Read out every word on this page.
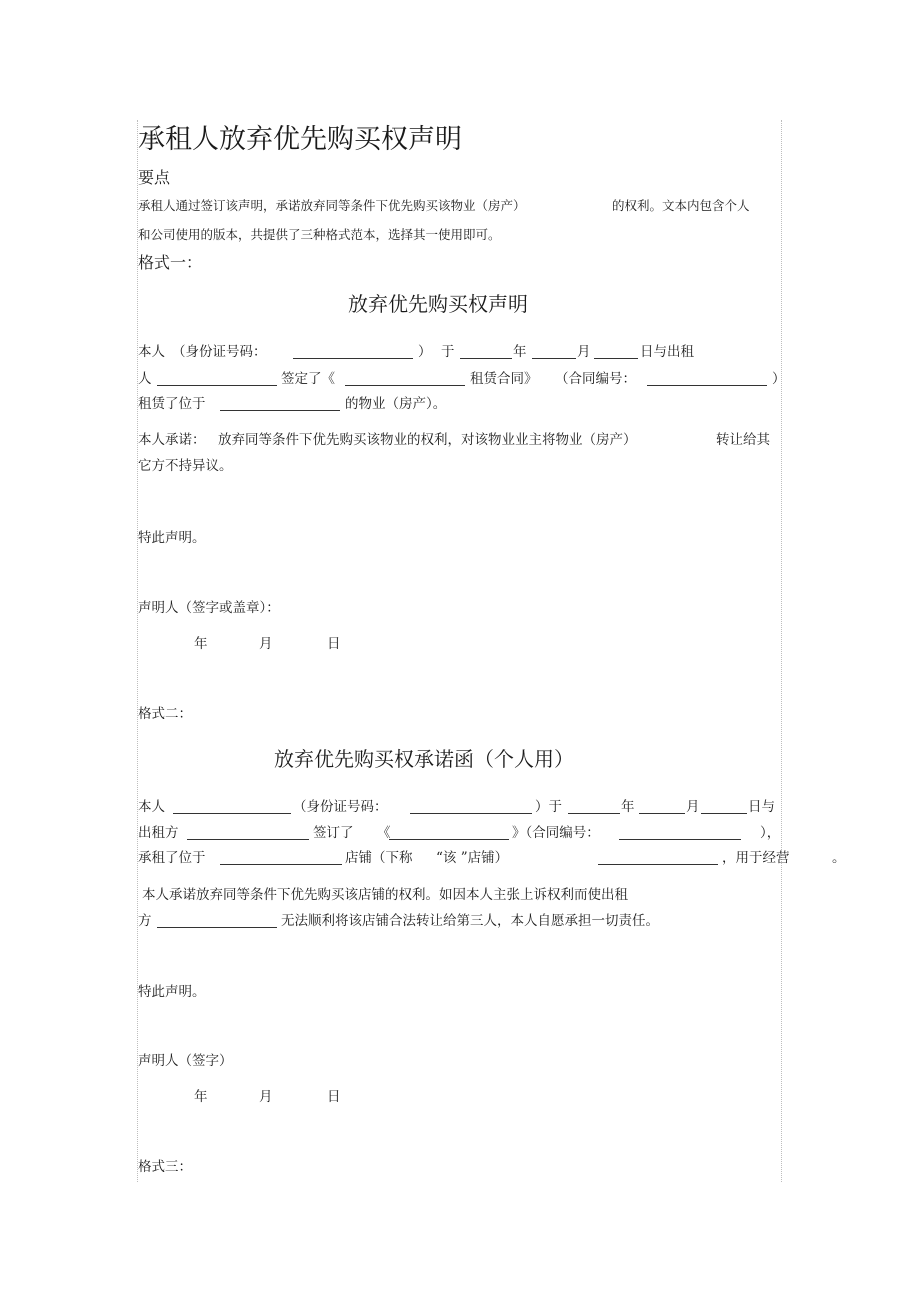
承租人放弃优先购买权声明
要点
承租人通过签订该声明，承诺放弃同等条件下优先购买该物业（房产）	的权利。文本内包含个人
和公司使用的版本，共提供了三种格式范本，选择其一使用即可。
格式一：
放弃优先购买权声明
本人 （身份证号码：	） 于	年	月	日与出租
人	签定了《	租赁合同》 （合同编号：	）
租赁了位于	的物业（房产）。
本人承诺： 放弃同等条件下优先购买该物业的权利，对该物业业主将物业（房产）	转让给其
它方不持异议。
特此声明。
声明人（签字或盖章）：
年	月	日
格式二：
放弃优先购买权承诺函（个人用）
本人	（身份证号码：	）于	年	月	日与
出租方	签订了 《	》（合同编号：	），
承租了位于	店铺（下称 “该 ”店铺）	，用于经营	。
本人承诺放弃同等条件下优先购买该店铺的权利。如因本人主张上诉权利而使出租
方	无法顺利将该店铺合法转让给第三人，本人自愿承担一切责任。
特此声明。
声明人（签字）
年	月	日
格式三：
